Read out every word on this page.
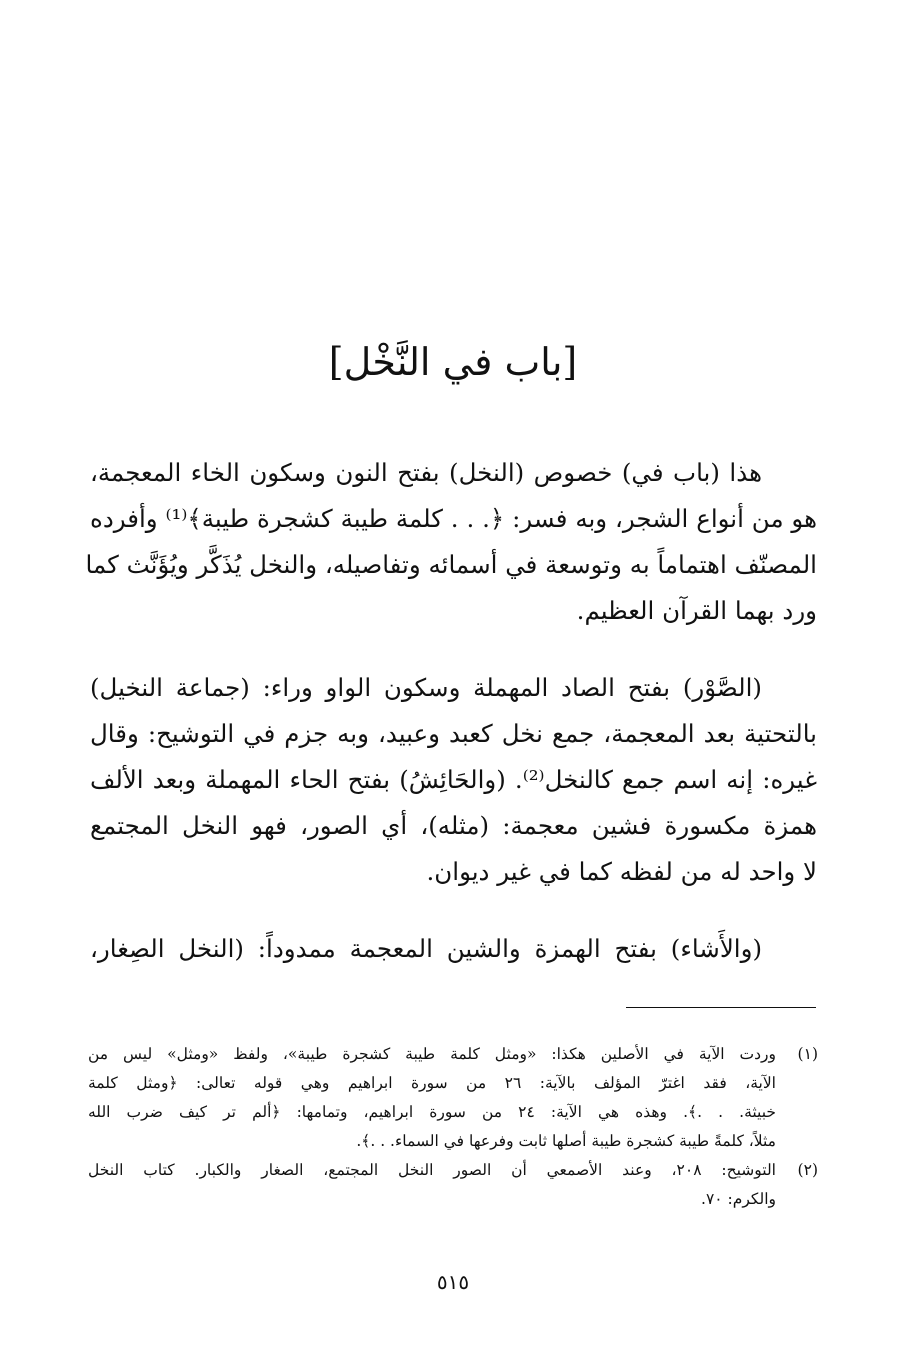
[باب في النَّخْل]
هذا (باب في) خصوص (النخل) بفتح النون وسكون الخاء المعجمة،
هو من أنواع الشجر، وبه فسر: ﴿. . . كلمة طيبة كشجرة طيبة﴾⁽¹⁾ وأفرده
المصنّف اهتماماً به وتوسعة في أسمائه وتفاصيله، والنخل يُذَكَّر ويُؤَنَّث كما
ورد بهما القرآن العظيم.
(الصَّوْر) بفتح الصاد المهملة وسكون الواو وراء: (جماعة النخيل)
بالتحتية بعد المعجمة، جمع نخل كعبد وعبيد، وبه جزم في التوشيح: وقال
غيره: إنه اسم جمع كالنخل⁽²⁾. (والحَائِشُ) بفتح الحاء المهملة وبعد الألف
همزة مكسورة فشين معجمة: (مثله)، أي الصور، فهو النخل المجتمع
لا واحد له من لفظه كما في غير ديوان.
(والأَشاء) بفتح الهمزة والشين المعجمة ممدوداً: (النخل الصِغار،
(١)
وردت الآية في الأصلين هكذا: «ومثل كلمة طيبة كشجرة طيبة»، ولفظ «ومثل» ليس من
الآية، فقد اغترّ المؤلف بالآية: ٢٦ من سورة ابراهيم وهي قوله تعالى: ﴿ومثل كلمة
خبيثة. . .﴾. وهذه هي الآية: ٢٤ من سورة ابراهيم، وتمامها: ﴿ألم تر كيف ضرب الله
مثلاً، كلمةً طيبة كشجرة طيبة أصلها ثابت وفرعها في السماء. . .﴾.
(٢)
التوشيح: ٢٠٨، وعند الأصمعي أن الصور النخل المجتمع، الصغار والكبار. كتاب النخل
والكرم: ٧٠.
٥١٥
